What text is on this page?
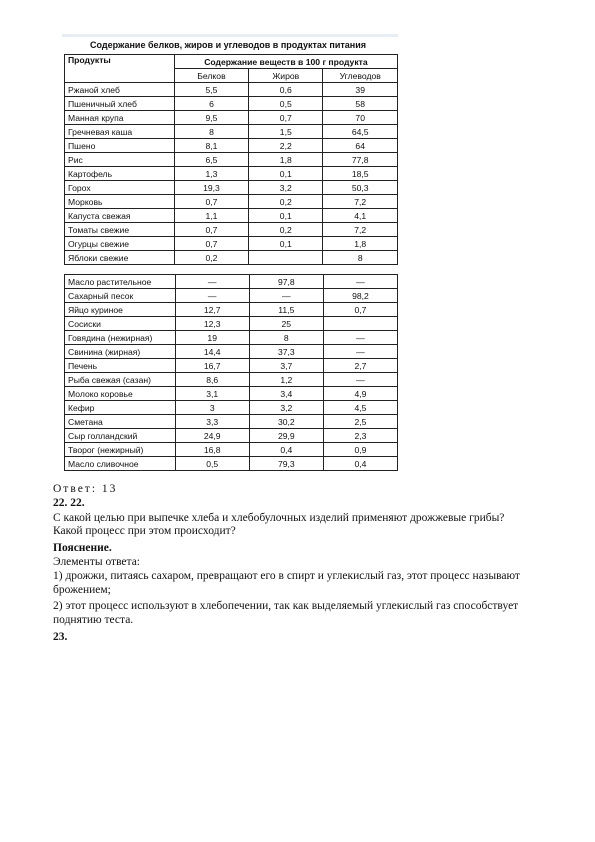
Содержание белков, жиров и углеводов в продуктах питания
Продукты	Содержание веществ в 100 г продукта		
	Белков	Жиров	Углеводов
Ржаной хлеб	5,5	0,6	39
Пшеничный хлеб	6	0,5	58
Манная крупа	9,5	0,7	70
Гречневая каша	8	1,5	64,5
Пшено	8,1	2,2	64
Рис	6,5	1,8	77,8
Картофель	1,3	0,1	18,5
Горох	19,3	3,2	50,3
Морковь	0,7	0,2	7,2
Капуста свежая	1,1	0,1	4,1
Томаты свежие	0,7	0,2	7,2
Огурцы свежие	0,7	0,1	1,8
Яблоки свежие	0,2		8
Масло растительное	—	97,8	—
Сахарный песок	—	—	98,2
Яйцо куриное	12,7	11,5	0,7
Сосиски	12,3	25	
Говядина (нежирная)	19	8	—
Свинина (жирная)	14,4	37,3	—
Печень	16,7	3,7	2,7
Рыба свежая (сазан)	8,6	1,2	—
Молоко коровье	3,1	3,4	4,9
Кефир	3	3,2	4,5
Сметана	3,3	30,2	2,5
Сыр голландский	24,9	29,9	2,3
Творог (нежирный)	16,8	0,4	0,9
Масло сливочное	0,5	79,3	0,4
Ответ: 13
22. 22.
С какой целью при выпечке хлеба и хлебобулочных изделий применяют дрожжевые грибы?
Какой процесс при этом происходит?
Пояснение.
Элементы ответа:
1) дрожжи, питаясь сахаром, превращают его в спирт и углекислый газ, этот процесс называют
брожением;
2) этот процесс используют в хлебопечении, так как выделяемый углекислый газ способствует
поднятию теста.
23.
